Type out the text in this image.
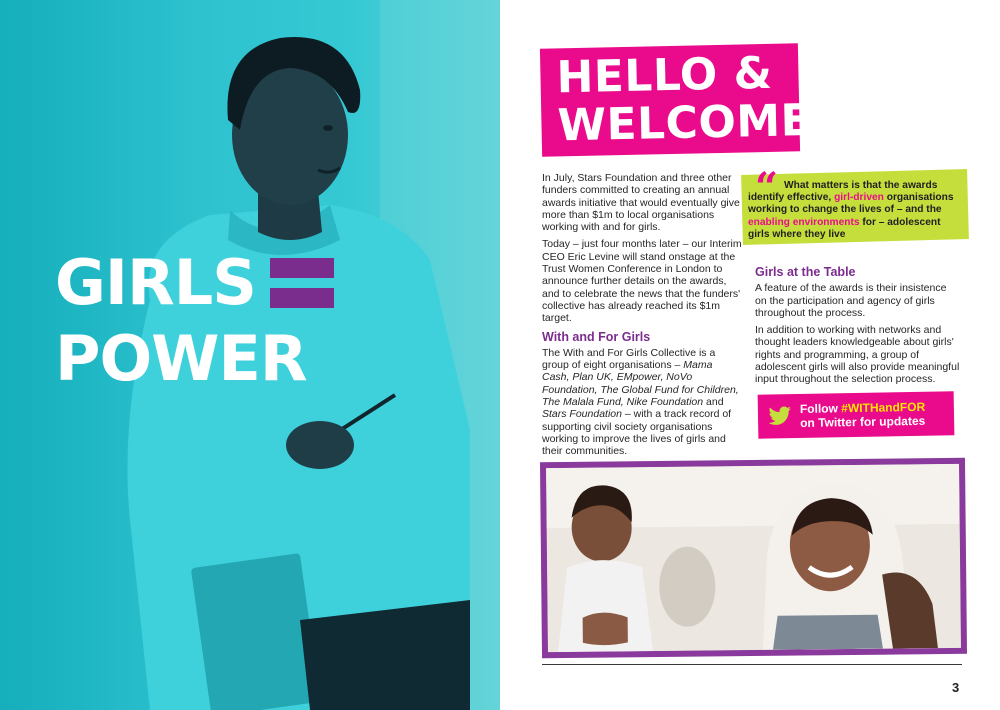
GIRLS
POWER
HELLO &
WELCOME

In July, Stars Foundation and three other funders committed to creating an annual awards initiative that would eventually give more than $1m to local organisations working with and for girls.

Today – just four months later – our Interim CEO Eric Levine will stand onstage at the Trust Women Conference in London to announce further details on the awards, and to celebrate the news that the funders' collective has already reached its $1m target.

With and For Girls

The With and For Girls Collective is a group of eight organisations – Mama Cash, Plan UK, EMpower, NoVo Foundation, The Global Fund for Children, The Malala Fund, Nike Foundation and Stars Foundation – with a track record of supporting civil society organisations working to improve the lives of girls and their communities.

“ What matters is that the awards identify effective, girl-driven organisations working to change the lives of – and the enabling environments for – adolescent girls where they live
Girls at the Table

A feature of the awards is their insistence on the participation and agency of girls throughout the process.

In addition to working with networks and thought leaders knowledgeable about girls' rights and programming, a group of adolescent girls will also provide meaningful input throughout the selection process.

Follow #WITHandFOR
on Twitter for updates
3
